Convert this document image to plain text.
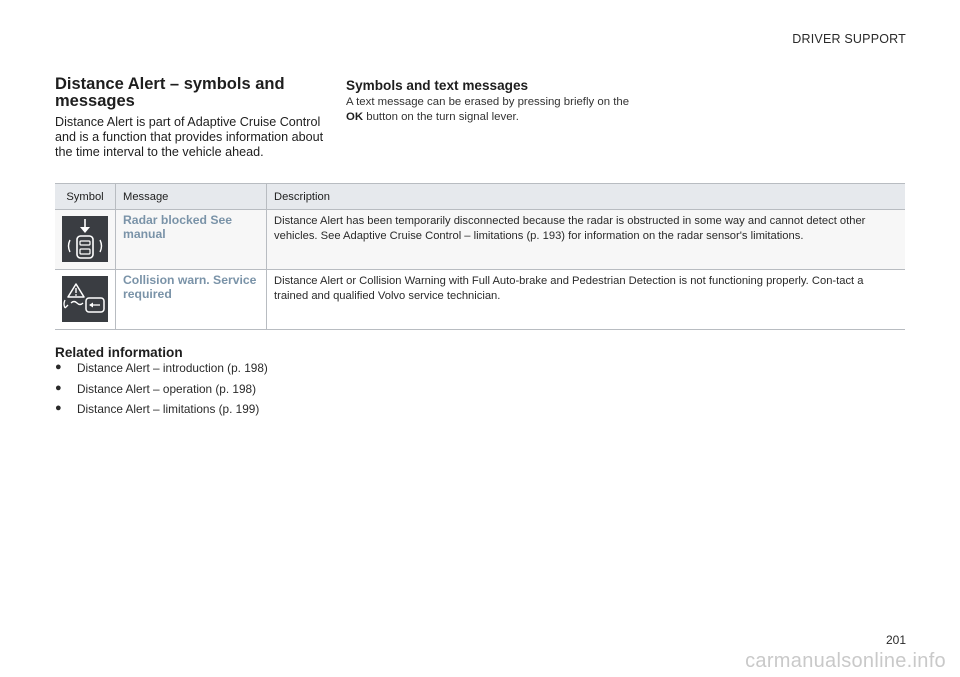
DRIVER SUPPORT
Distance Alert – symbols and messages

Distance Alert is part of Adaptive Cruise Control and is a function that provides information about the time interval to the vehicle ahead.

Symbols and text messages

A text message can be erased by pressing briefly on the OK button on the turn signal lever.

Symbol	Message	Description

	Radar blocked See manual	Distance Alert has been temporarily disconnected because the radar is obstructed in some way and cannot detect other vehicles. See Adaptive Cruise Control – limitations (p. 193) for information on the radar sensor's limitations.

	Collision warn. Service required	Distance Alert or Collision Warning with Full Auto-brake and Pedestrian Detection is not functioning properly. Con-tact a trained and qualified Volvo service technician.
Related information
●	Distance Alert – introduction (p. 198)
●	Distance Alert – operation (p. 198)
●	Distance Alert – limitations (p. 199)
201
carmanualsonline.info
